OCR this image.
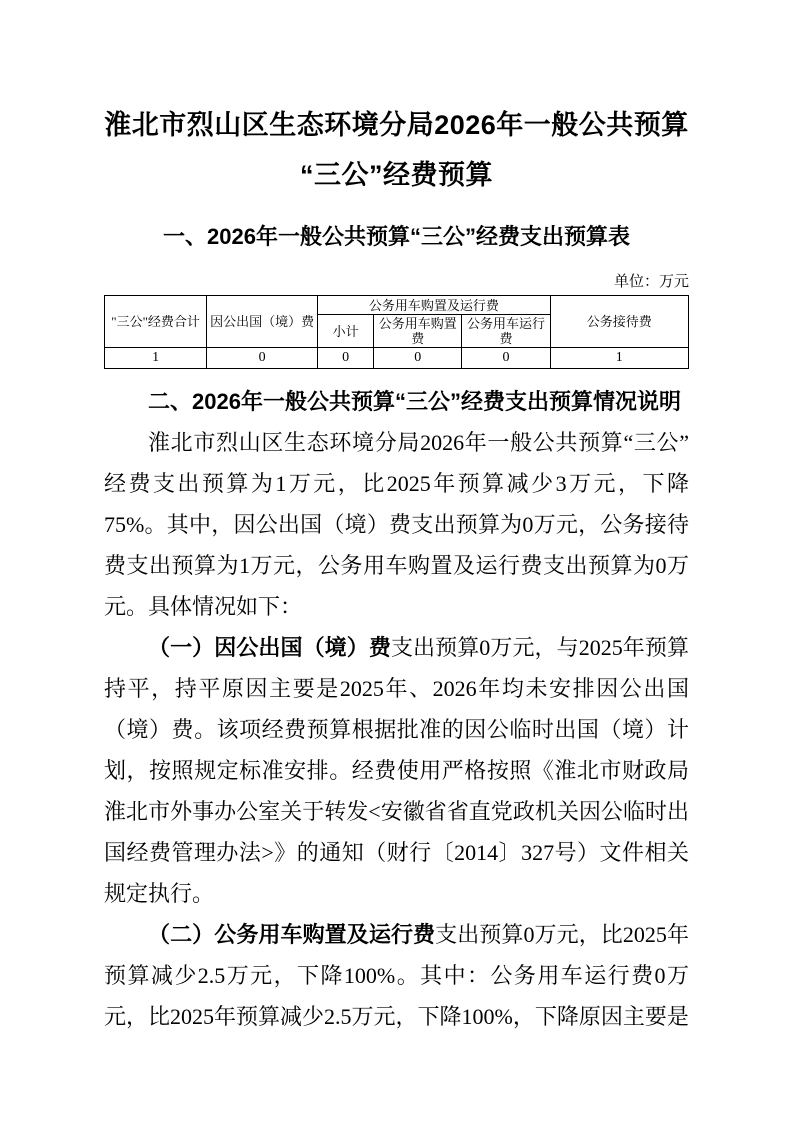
淮北市烈山区生态环境分局2026年一般公共预算“三公”经费预算
一、2026年一般公共预算“三公”经费支出预算表
单位：万元
"三公"经费合计	因公出国（境）费	公务用车购置及运行费			公务接待费
		小计	公务用车购置费	公务用车运行费	
1	0	0	0	0	1
二、2026年一般公共预算“三公”经费支出预算情况说明

淮北市烈山区生态环境分局2026年一般公共预算“三公”经费支出预算为1万元，比2025年预算减少3万元，下降75%。其中，因公出国（境）费支出预算为0万元，公务接待费支出预算为1万元，公务用车购置及运行费支出预算为0万元。具体情况如下：

（一）因公出国（境）费支出预算0万元，与2025年预算持平，持平原因主要是2025年、2026年均未安排因公出国（境）费。该项经费预算根据批准的因公临时出国（境）计划，按照规定标准安排。经费使用严格按照《淮北市财政局　淮北市外事办公室关于转发<安徽省省直党政机关因公临时出国经费管理办法>》的通知（财行〔2014〕327号）文件相关规定执行。

（二）公务用车购置及运行费支出预算0万元，比2025年预算减少2.5万元，下降100%。其中：公务用车运行费0万元，比2025年预算减少2.5万元，下降100%，下降原因主要是
